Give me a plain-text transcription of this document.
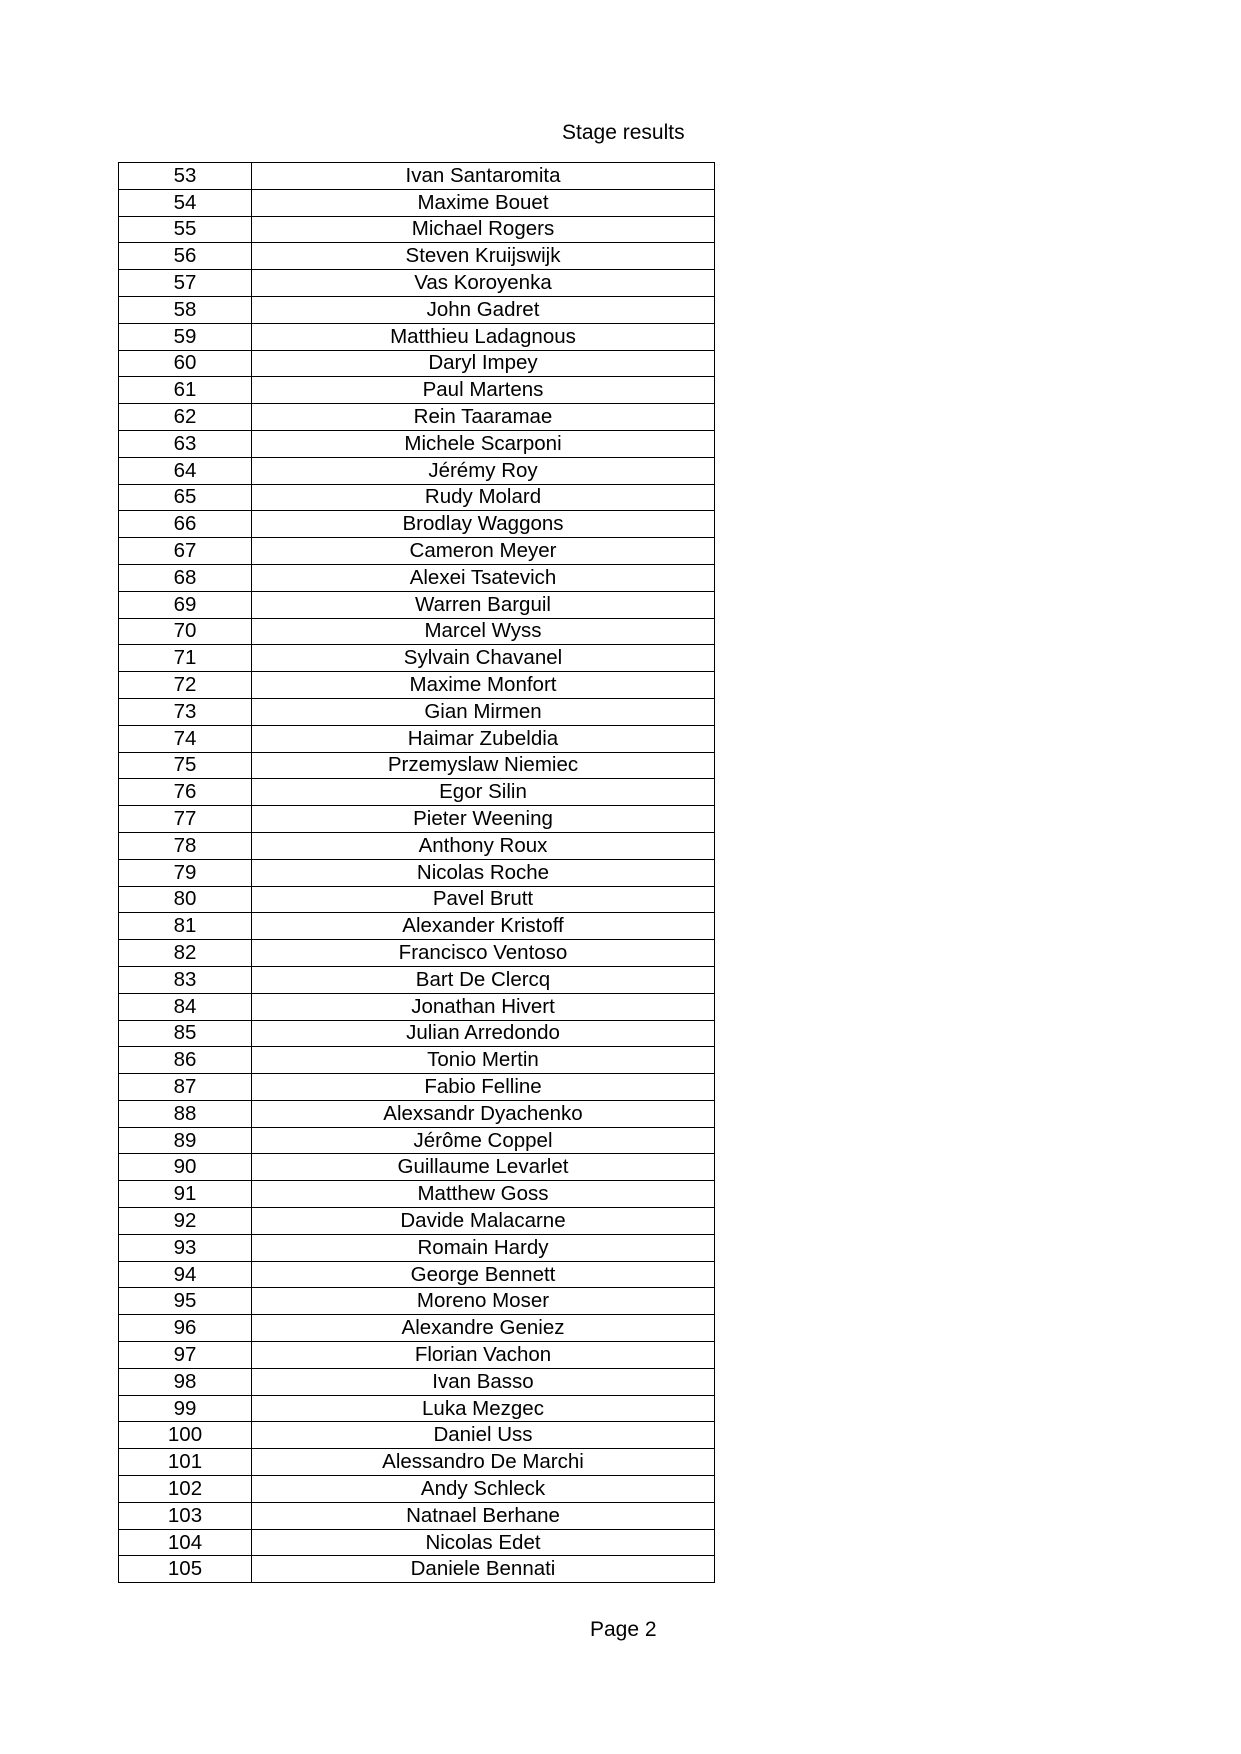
Stage results
53	Ivan Santaromita
54	Maxime Bouet
55	Michael Rogers
56	Steven Kruijswijk
57	Vas Koroyenka
58	John Gadret
59	Matthieu Ladagnous
60	Daryl Impey
61	Paul Martens
62	Rein Taaramae
63	Michele Scarponi
64	Jérémy Roy
65	Rudy Molard
66	Brodlay Waggons
67	Cameron Meyer
68	Alexei Tsatevich
69	Warren Barguil
70	Marcel Wyss
71	Sylvain Chavanel
72	Maxime Monfort
73	Gian Mirmen
74	Haimar Zubeldia
75	Przemyslaw Niemiec
76	Egor Silin
77	Pieter Weening
78	Anthony Roux
79	Nicolas Roche
80	Pavel Brutt
81	Alexander Kristoff
82	Francisco Ventoso
83	Bart De Clercq
84	Jonathan Hivert
85	Julian Arredondo
86	Tonio Mertin
87	Fabio Felline
88	Alexsandr Dyachenko
89	Jérôme Coppel
90	Guillaume Levarlet
91	Matthew Goss
92	Davide Malacarne
93	Romain Hardy
94	George Bennett
95	Moreno Moser
96	Alexandre Geniez
97	Florian Vachon
98	Ivan Basso
99	Luka Mezgec
100	Daniel Uss
101	Alessandro De Marchi
102	Andy Schleck
103	Natnael Berhane
104	Nicolas Edet
105	Daniele Bennati
Page 2
